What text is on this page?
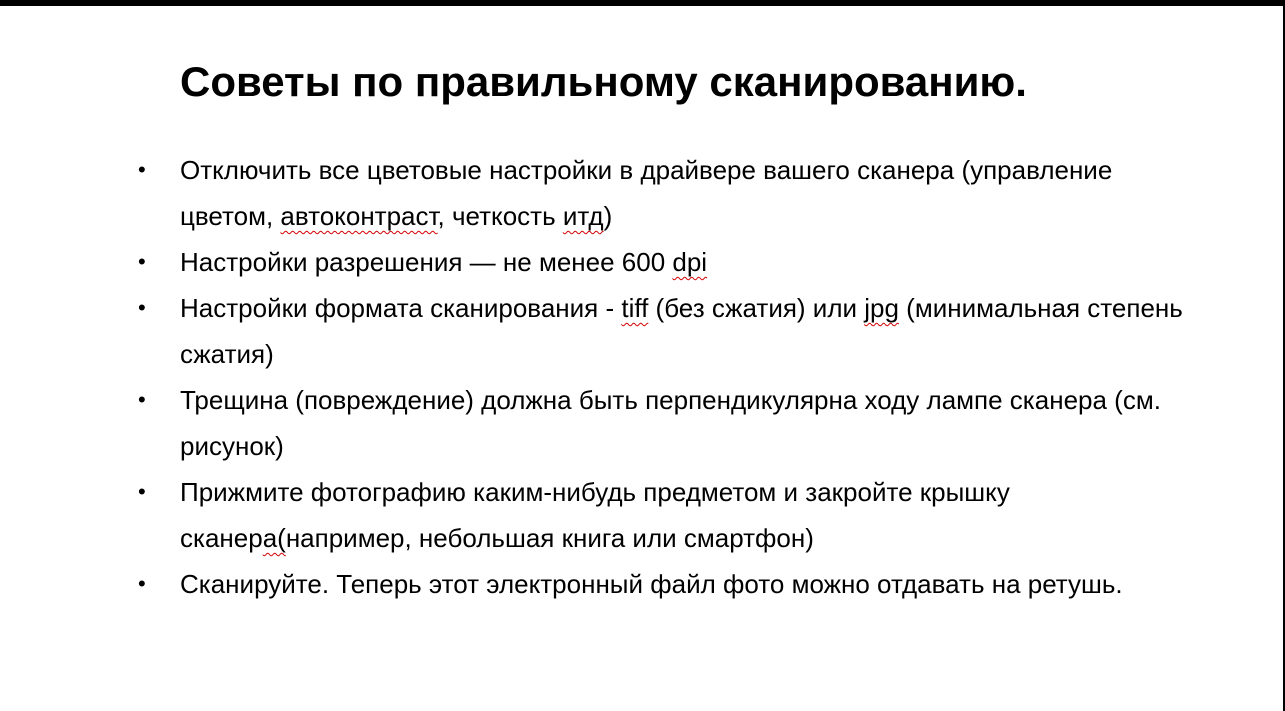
Советы по правильному сканированию.
• Отключить все цветовые настройки в драйвере вашего сканера (управление цветом, автоконтраст, четкость итд)
• Настройки разрешения — не менее 600 dpi
• Настройки формата сканирования - tiff (без сжатия) или jpg (минимальная степень сжатия)
• Трещина (повреждение) должна быть перпендикулярна ходу лампе сканера (см. рисунок)
• Прижмите фотографию каким-нибудь предметом и закройте крышку сканера(например, небольшая книга или смартфон)
• Сканируйте. Теперь этот электронный файл фото можно отдавать на ретушь.
